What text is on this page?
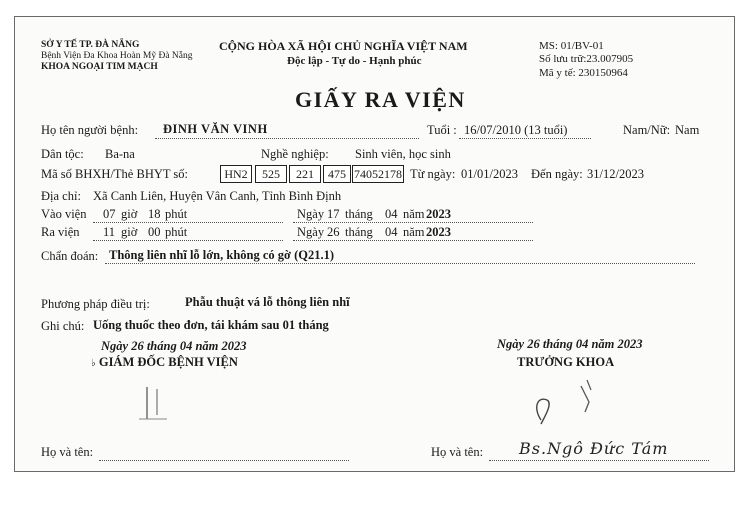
SỞ Y TẾ TP. ĐÀ NẴNG
Bệnh Viện Đa Khoa Hoàn Mỹ Đà Nẵng
KHOA NGOẠI TIM MẠCH
CỘNG HÒA XÃ HỘI CHỦ NGHĨA VIỆT NAM
Độc lập - Tự do - Hạnh phúc
MS: 01/BV-01
Số lưu trữ:23.007905
Mã y tế: 230150964
GIẤY RA VIỆN
Họ tên người bệnh: ĐINH VĂN VINH	Tuổi : 16/07/2010 (13 tuổi)	Nam/Nữ: Nam
Dân tộc: Ba-na	Nghề nghiệp: Sinh viên, học sinh
Mã số BHXH/Thẻ BHYT số:	HN2	525	221	475 74052178 Từ ngày: 01/01/2023 Đến ngày: 31/12/2023
Địa chỉ: Xã Canh Liên, Huyện Vân Canh, Tỉnh Bình Định
Vào viện 07 giờ 18 phút	Ngày 17 tháng 04 năm 2023
Ra viện 11 giờ 00 phút	Ngày 26 tháng 04 năm 2023
Chẩn đoán: Thông liên nhĩ lỗ lớn, không có gờ (Q21.1)
Phương pháp điều trị:	Phẫu thuật vá lỗ thông liên nhĩ
Ghi chú: Uống thuốc theo đơn, tái khám sau 01 tháng
Ngày 26 tháng 04 năm 2023
♭ GIÁM ĐỐC BỆNH VIỆN
Ngày 26 tháng 04 năm 2023
TRƯỞNG KHOA
Họ và tên:	Họ và tên: Bs.Ngô Đức Tám
